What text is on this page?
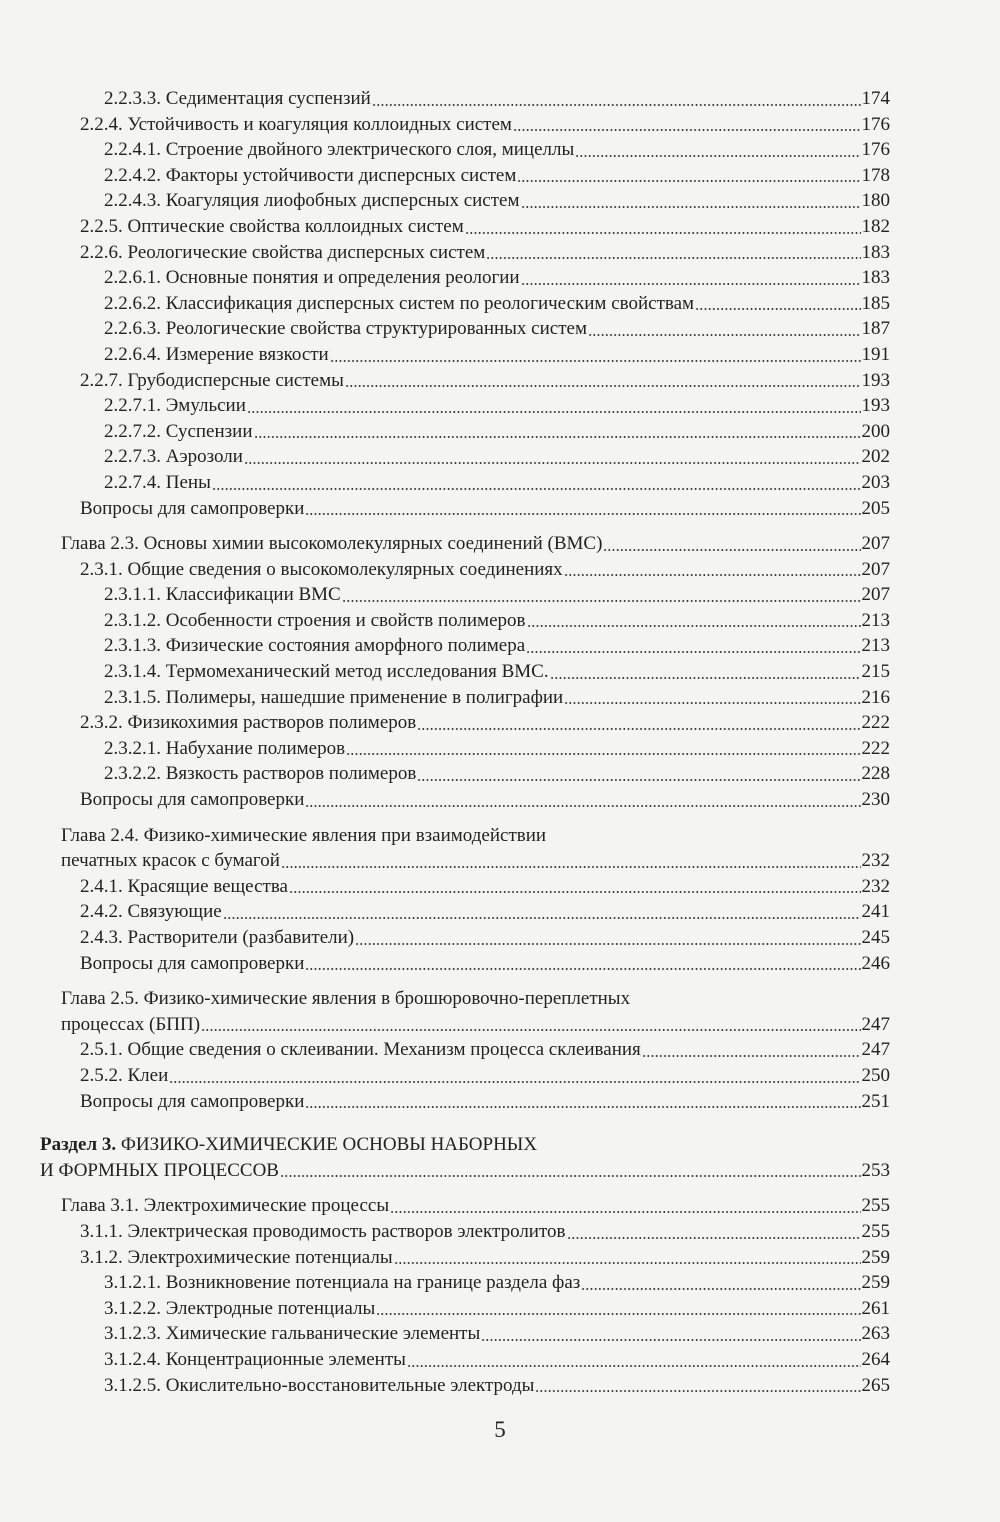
2.2.3.3. Седиментация суспензий	174
2.2.4. Устойчивость и коагуляция коллоидных систем	176
2.2.4.1. Строение двойного электрического слоя, мицеллы	176
2.2.4.2. Факторы устойчивости дисперсных систем	178
2.2.4.3. Коагуляция лиофобных дисперсных систем	180
2.2.5. Оптические свойства коллоидных систем	182
2.2.6. Реологические свойства дисперсных систем	183
2.2.6.1. Основные понятия и определения реологии	183
2.2.6.2. Классификация дисперсных систем по реологическим свойствам	185
2.2.6.3. Реологические свойства структурированных систем	187
2.2.6.4. Измерение вязкости	191
2.2.7. Грубодисперсные системы	193
2.2.7.1. Эмульсии	193
2.2.7.2. Суспензии	200
2.2.7.3. Аэрозоли	202
2.2.7.4. Пены	203
Вопросы для самопроверки	205
Глава 2.3. Основы химии высокомолекулярных соединений (ВМС)	207
2.3.1. Общие сведения о высокомолекулярных соединениях	207
2.3.1.1. Классификации ВМС	207
2.3.1.2. Особенности строения и свойств полимеров	213
2.3.1.3. Физические состояния аморфного полимера	213
2.3.1.4. Термомеханический метод исследования ВМС.	215
2.3.1.5. Полимеры, нашедшие применение в полиграфии	216
2.3.2. Физикохимия растворов полимеров	222
2.3.2.1. Набухание полимеров	222
2.3.2.2. Вязкость растворов полимеров	228
Вопросы для самопроверки	230
Глава 2.4. Физико-химические явления при взаимодействии
печатных красок с бумагой	232
2.4.1. Красящие вещества	232
2.4.2. Связующие	241
2.4.3. Растворители (разбавители)	245
Вопросы для самопроверки	246
Глава 2.5. Физико-химические явления в брошюровочно-переплетных
процессах (БПП)	247
2.5.1. Общие сведения о склеивании. Механизм процесса склеивания	247
2.5.2. Клеи	250
Вопросы для самопроверки	251
Раздел 3. ФИЗИКО-ХИМИЧЕСКИЕ ОСНОВЫ НАБОРНЫХ
И ФОРМНЫХ ПРОЦЕССОВ	253
Глава 3.1. Электрохимические процессы	255
3.1.1. Электрическая проводимость растворов электролитов	255
3.1.2. Электрохимические потенциалы	259
3.1.2.1. Возникновение потенциала на границе раздела фаз	259
3.1.2.2. Электродные потенциалы	261
3.1.2.3. Химические гальванические элементы	263
3.1.2.4. Концентрационные элементы	264
3.1.2.5. Окислительно-восстановительные электроды	265
5
